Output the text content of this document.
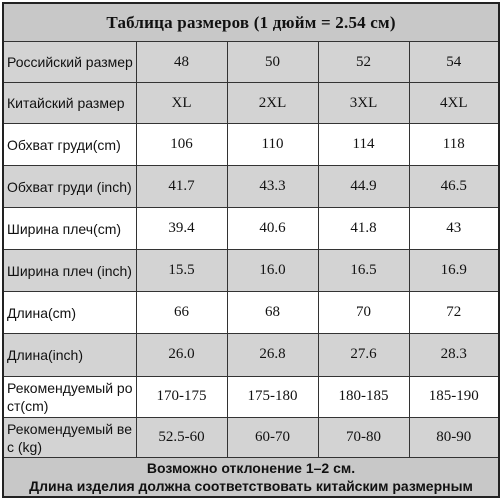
Таблица размеров (1 дюйм = 2.54 см)				
Российский размер	48	50	52	54
Китайский размер	XL	2XL	3XL	4XL
Обхват груди(cm)	106	110	114	118
Обхват груди (inch)	41.7	43.3	44.9	46.5
Ширина плеч(cm)	39.4	40.6	41.8	43
Ширина плеч (inch)	15.5	16.0	16.5	16.9
Длина(cm)	66	68	70	72
Длина(inch)	26.0	26.8	27.6	28.3
Рекомендуемый рост(cm)	170-175	175-180	180-185	185-190
Рекомендуемый вес (kg)	52.5-60	60-70	70-80	80-90

Возможно отклонение 1–2 см.
Длина изделия должна соответствовать китайским размерным				
